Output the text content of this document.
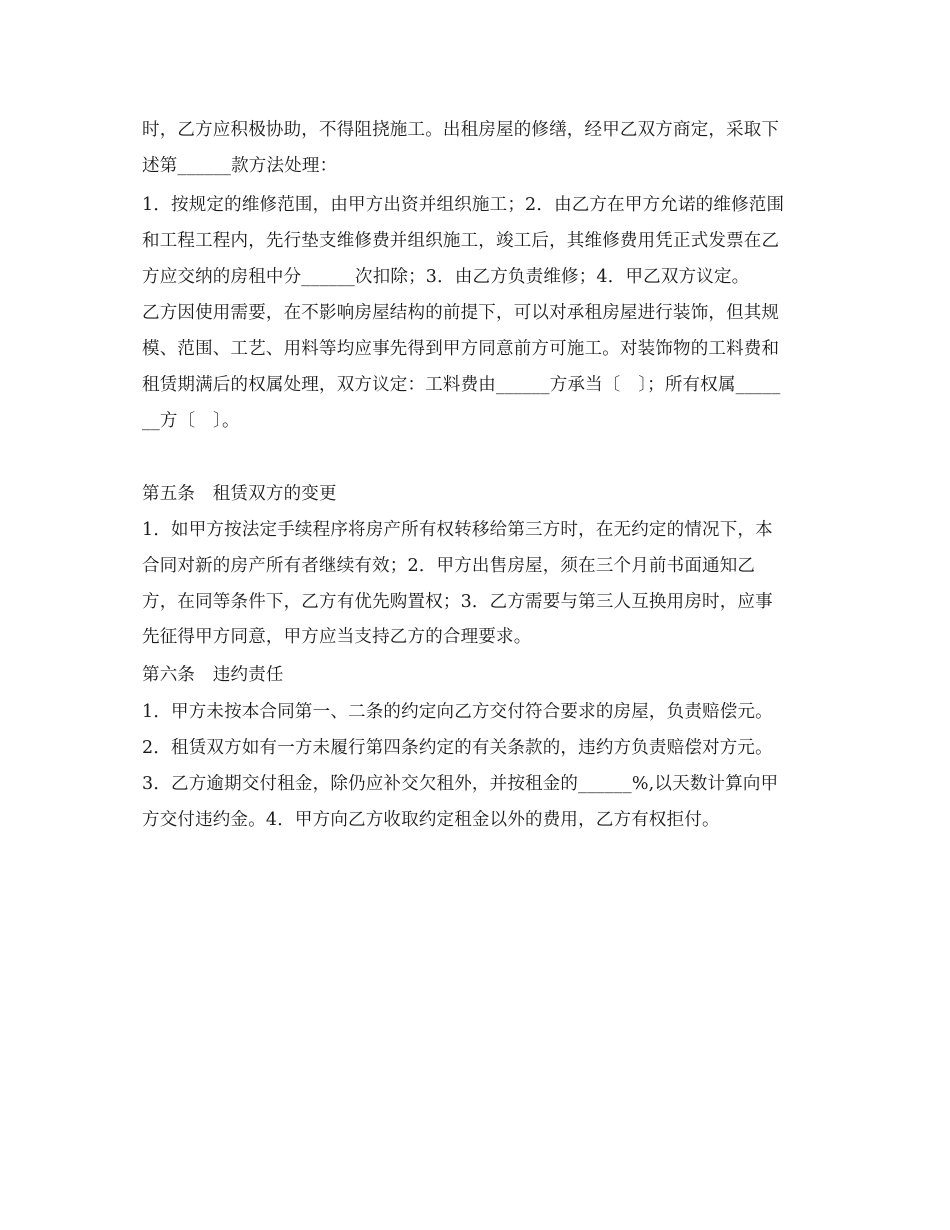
时，乙方应积极协助，不得阻挠施工。出租房屋的修缮，经甲乙双方商定，采取下
述第______款方法处理：
1．按规定的维修范围，由甲方出资并组织施工；2．由乙方在甲方允诺的维修范围
和工程工程内，先行垫支维修费并组织施工，竣工后，其维修费用凭正式发票在乙
方应交纳的房租中分______次扣除；3．由乙方负责维修；4．甲乙双方议定。
乙方因使用需要，在不影响房屋结构的前提下，可以对承租房屋进行装饰，但其规
模、范围、工艺、用料等均应事先得到甲方同意前方可施工。对装饰物的工料费和
租赁期满后的权属处理，双方议定：工料费由______方承当〔　〕；所有权属_____
__方〔　〕。
第五条　租赁双方的变更
1．如甲方按法定手续程序将房产所有权转移给第三方时，在无约定的情况下，本
合同对新的房产所有者继续有效；2．甲方出售房屋，须在三个月前书面通知乙
方，在同等条件下，乙方有优先购置权；3．乙方需要与第三人互换用房时，应事
先征得甲方同意，甲方应当支持乙方的合理要求。
第六条　违约责任
1．甲方未按本合同第一、二条的约定向乙方交付符合要求的房屋，负责赔偿元。
2．租赁双方如有一方未履行第四条约定的有关条款的，违约方负责赔偿对方元。
3．乙方逾期交付租金，除仍应补交欠租外，并按租金的______%,以天数计算向甲
方交付违约金。4．甲方向乙方收取约定租金以外的费用，乙方有权拒付。
